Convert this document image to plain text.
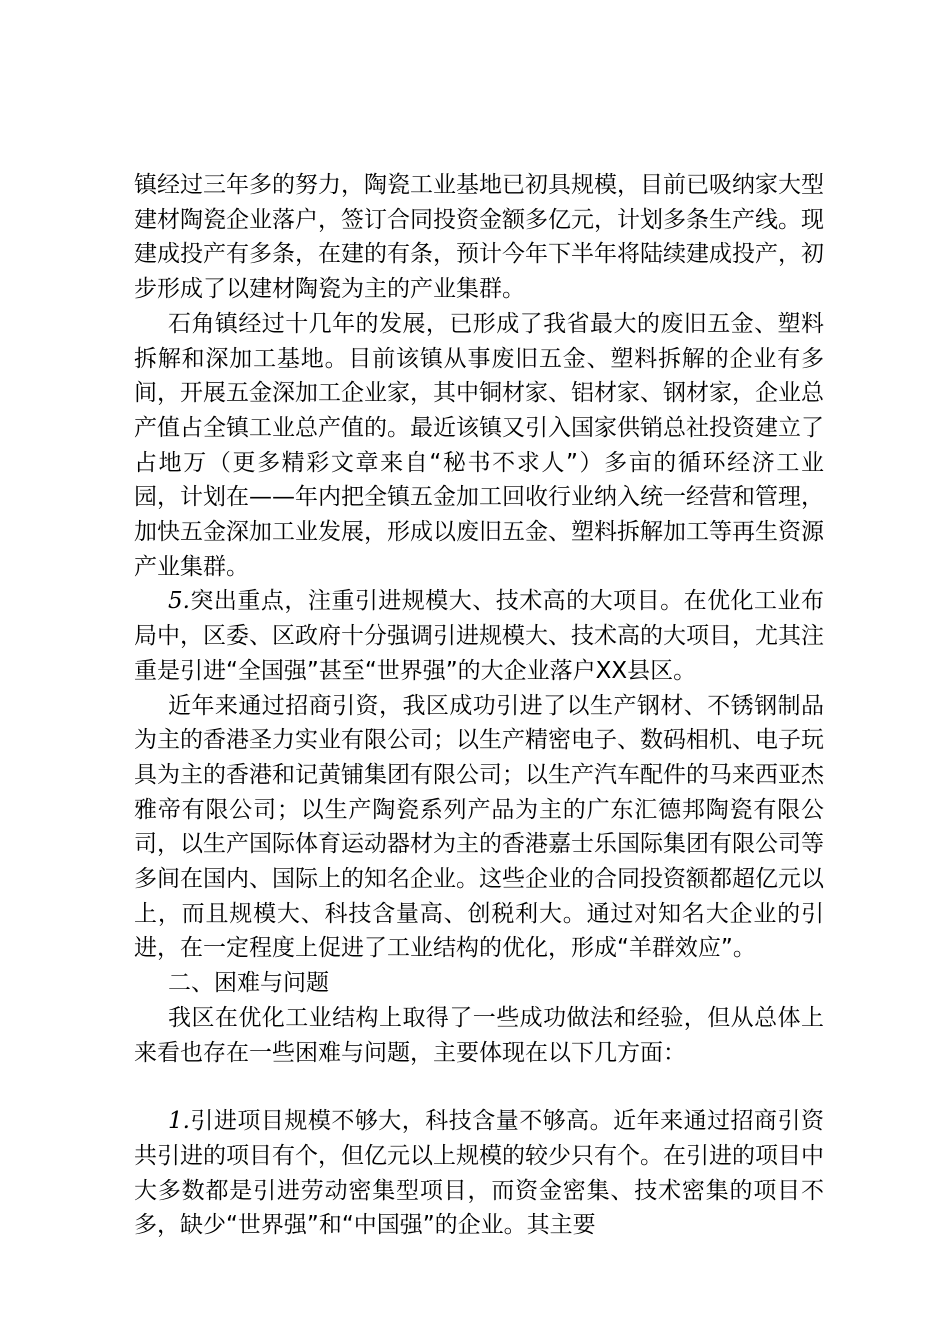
镇经过三年多的努力，陶瓷工业基地已初具规模，目前已吸纳家大型建材陶瓷企业落户，签订合同投资金额多亿元，计划多条生产线。现建成投产有多条，在建的有条，预计今年下半年将陆续建成投产，初步形成了以建材陶瓷为主的产业集群。

石角镇经过十几年的发展，已形成了我省最大的废旧五金、塑料拆解和深加工基地。目前该镇从事废旧五金、塑料拆解的企业有多间，开展五金深加工企业家，其中铜材家、铝材家、钢材家，企业总产值占全镇工业总产值的。最近该镇又引入国家供销总社投资建立了占地万（更多精彩文章来自“秘书不求人”）多亩的循环经济工业园，计划在——年内把全镇五金加工回收行业纳入统一经营和管理，加快五金深加工业发展，形成以废旧五金、塑料拆解加工等再生资源产业集群。

5.突出重点，注重引进规模大、技术高的大项目。在优化工业布局中，区委、区政府十分强调引进规模大、技术高的大项目，尤其注重是引进“全国强”甚至“世界强”的大企业落户XX县区。

近年来通过招商引资，我区成功引进了以生产钢材、不锈钢制品为主的香港圣力实业有限公司；以生产精密电子、数码相机、电子玩具为主的香港和记黄铺集团有限公司；以生产汽车配件的马来西亚杰雅帝有限公司；以生产陶瓷系列产品为主的广东汇德邦陶瓷有限公司，以生产国际体育运动器材为主的香港嘉士乐国际集团有限公司等多间在国内、国际上的知名企业。这些企业的合同投资额都超亿元以上，而且规模大、科技含量高、创税利大。通过对知名大企业的引进，在一定程度上促进了工业结构的优化，形成“羊群效应”。

二、困难与问题

我区在优化工业结构上取得了一些成功做法和经验，但从总体上来看也存在一些困难与问题，主要体现在以下几方面：

1.引进项目规模不够大，科技含量不够高。近年来通过招商引资共引进的项目有个，但亿元以上规模的较少只有个。在引进的项目中大多数都是引进劳动密集型项目，而资金密集、技术密集的项目不多，缺少“世界强”和“中国强”的企业。其主要
